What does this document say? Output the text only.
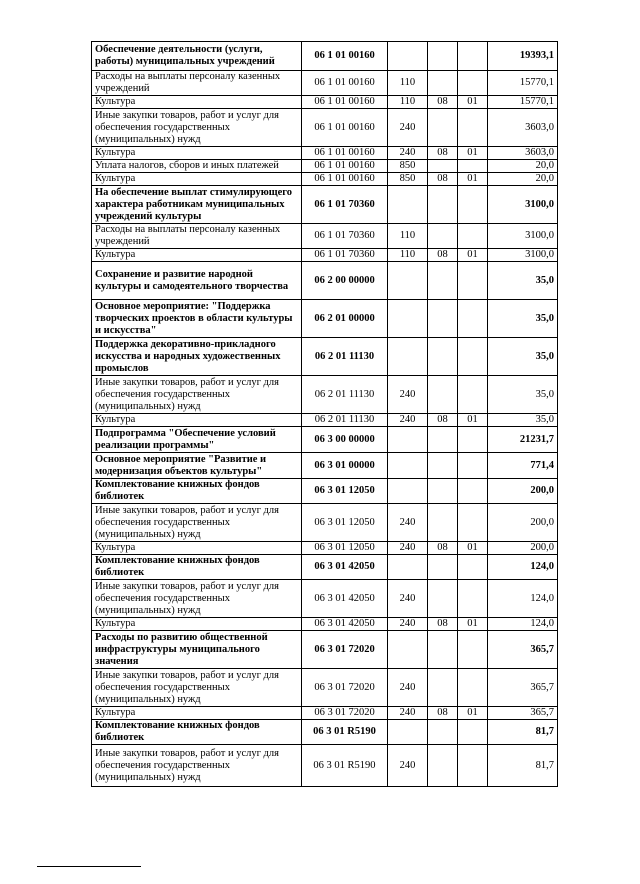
Обеспечение деятельности (услуги, работы) муниципальных учреждений	06 1 01 00160				19393,1
Расходы на выплаты персоналу казенных учреждений	06 1 01 00160	110			15770,1
Культура	06 1 01 00160	110	08	01	15770,1
Иные закупки товаров, работ и услуг для обеспечения государственных (муниципальных) нужд	06 1 01 00160	240			3603,0
Культура	06 1 01 00160	240	08	01	3603,0
Уплата налогов, сборов и иных платежей	06 1 01 00160	850			20,0
Культура	06 1 01 00160	850	08	01	20,0
На обеспечение выплат стимулирующего характера работникам муниципальных учреждений культуры	06 1 01 70360				3100,0
Расходы на выплаты персоналу казенных учреждений	06 1 01 70360	110			3100,0
Культура	06 1 01 70360	110	08	01	3100,0
Сохранение и развитие народной культуры и самодеятельного творчества	06 2 00 00000				35,0
Основное мероприятие: "Поддержка творческих проектов в области культуры и искусства"	06 2 01 00000				35,0
Поддержка декоративно-прикладного искусства и народных художественных промыслов	06 2 01 11130				35,0
Иные закупки товаров, работ и услуг для обеспечения государственных (муниципальных) нужд	06 2 01 11130	240			35,0
Культура	06 2 01 11130	240	08	01	35,0
Подпрограмма "Обеспечение условий реализации программы"	06 3 00 00000				21231,7
Основное мероприятие "Развитие и модернизация объектов культуры"	06 3 01 00000				771,4
Комплектование книжных фондов библиотек	06 3 01 12050				200,0
Иные закупки товаров, работ и услуг для обеспечения государственных (муниципальных) нужд	06 3 01 12050	240			200,0
Культура	06 3 01 12050	240	08	01	200,0
Комплектование книжных фондов библиотек	06 3 01 42050				124,0
Иные закупки товаров, работ и услуг для обеспечения государственных (муниципальных) нужд	06 3 01 42050	240			124,0
Культура	06 3 01 42050	240	08	01	124,0
Расходы по развитию общественной инфраструктуры муниципального значения	06 3 01 72020				365,7
Иные закупки товаров, работ и услуг для обеспечения государственных (муниципальных) нужд	06 3 01 72020	240			365,7
Культура	06 3 01 72020	240	08	01	365,7
Комплектование книжных фондов библиотек	06 3 01 R5190				81,7
Иные закупки товаров, работ и услуг для обеспечения государственных (муниципальных) нужд	06 3 01 R5190	240			81,7
